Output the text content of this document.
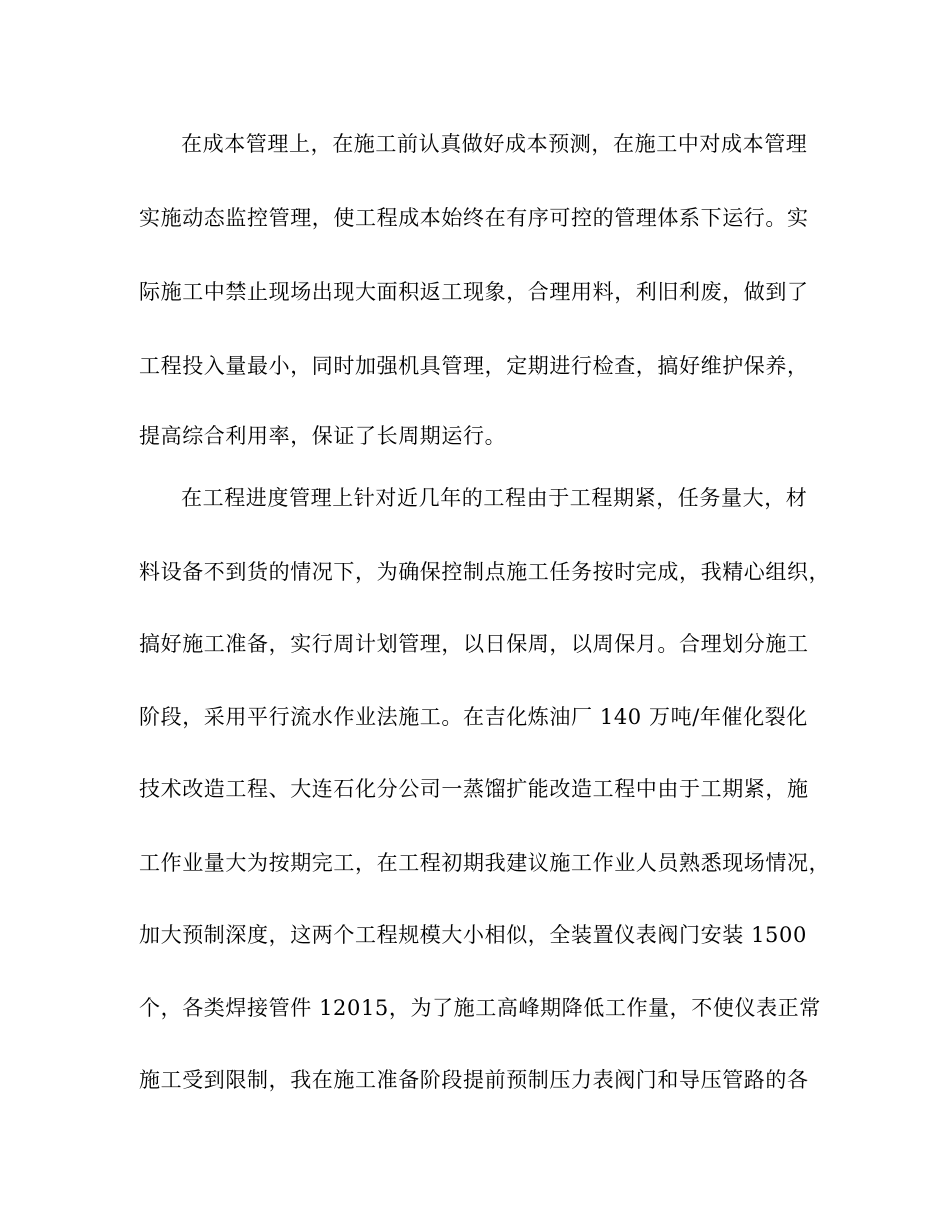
在成本管理上，在施工前认真做好成本预测，在施工中对成本管理
实施动态监控管理，使工程成本始终在有序可控的管理体系下运行。实
际施工中禁止现场出现大面积返工现象，合理用料，利旧利废，做到了
工程投入量最小，同时加强机具管理，定期进行检查，搞好维护保养，
提高综合利用率，保证了长周期运行。
在工程进度管理上针对近几年的工程由于工程期紧，任务量大，材
料设备不到货的情况下，为确保控制点施工任务按时完成，我精心组织，
搞好施工准备，实行周计划管理，以日保周，以周保月。合理划分施工
阶段，采用平行流水作业法施工。在吉化炼油厂 140 万吨/年催化裂化
技术改造工程、大连石化分公司一蒸馏扩能改造工程中由于工期紧，施
工作业量大为按期完工，在工程初期我建议施工作业人员熟悉现场情况，
加大预制深度，这两个工程规模大小相似，全装置仪表阀门安装 1500
个，各类焊接管件 12015，为了施工高峰期降低工作量，不使仪表正常
施工受到限制，我在施工准备阶段提前预制压力表阀门和导压管路的各
